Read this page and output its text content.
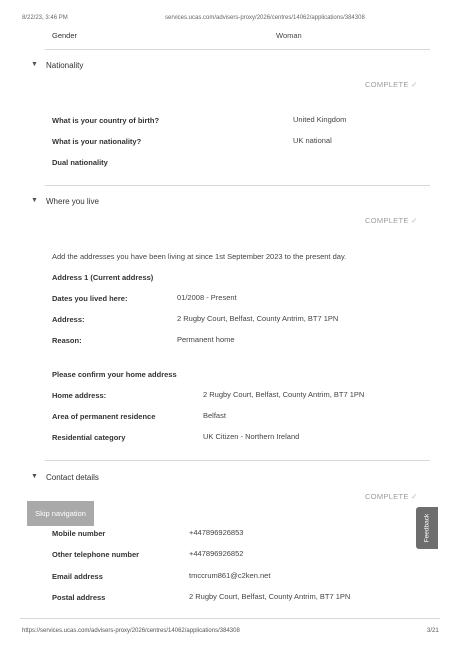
8/22/23, 3:46 PM	services.ucas.com/advisers-proxy/2026/centres/14062/applications/384308
Gender	Woman
▼ Nationality
COMPLETE ✓
What is your country of birth?	United Kingdom
What is your nationality?	UK national
Dual nationality
▼ Where you live
COMPLETE ✓
Add the addresses you have been living at since 1st September 2023 to the present day.
Address 1 (Current address)
Dates you lived here:	01/2008 - Present
Address:	2 Rugby Court, Belfast, County Antrim, BT7 1PN
Reason:	Permanent home
Please confirm your home address
Home address:	2 Rugby Court, Belfast, County Antrim, BT7 1PN
Area of permanent residence	Belfast
Residential category	UK Citizen - Northern Ireland
▼ Contact details
COMPLETE ✓
Skip navigation
Mobile number	+447896926853
Other telephone number	+447896926852
Email address	tmccrum861@c2ken.net
Postal address	2 Rugby Court, Belfast, County Antrim, BT7 1PN
Feedback
https://services.ucas.com/advisers-proxy/2026/centres/14062/applications/384308	3/21
